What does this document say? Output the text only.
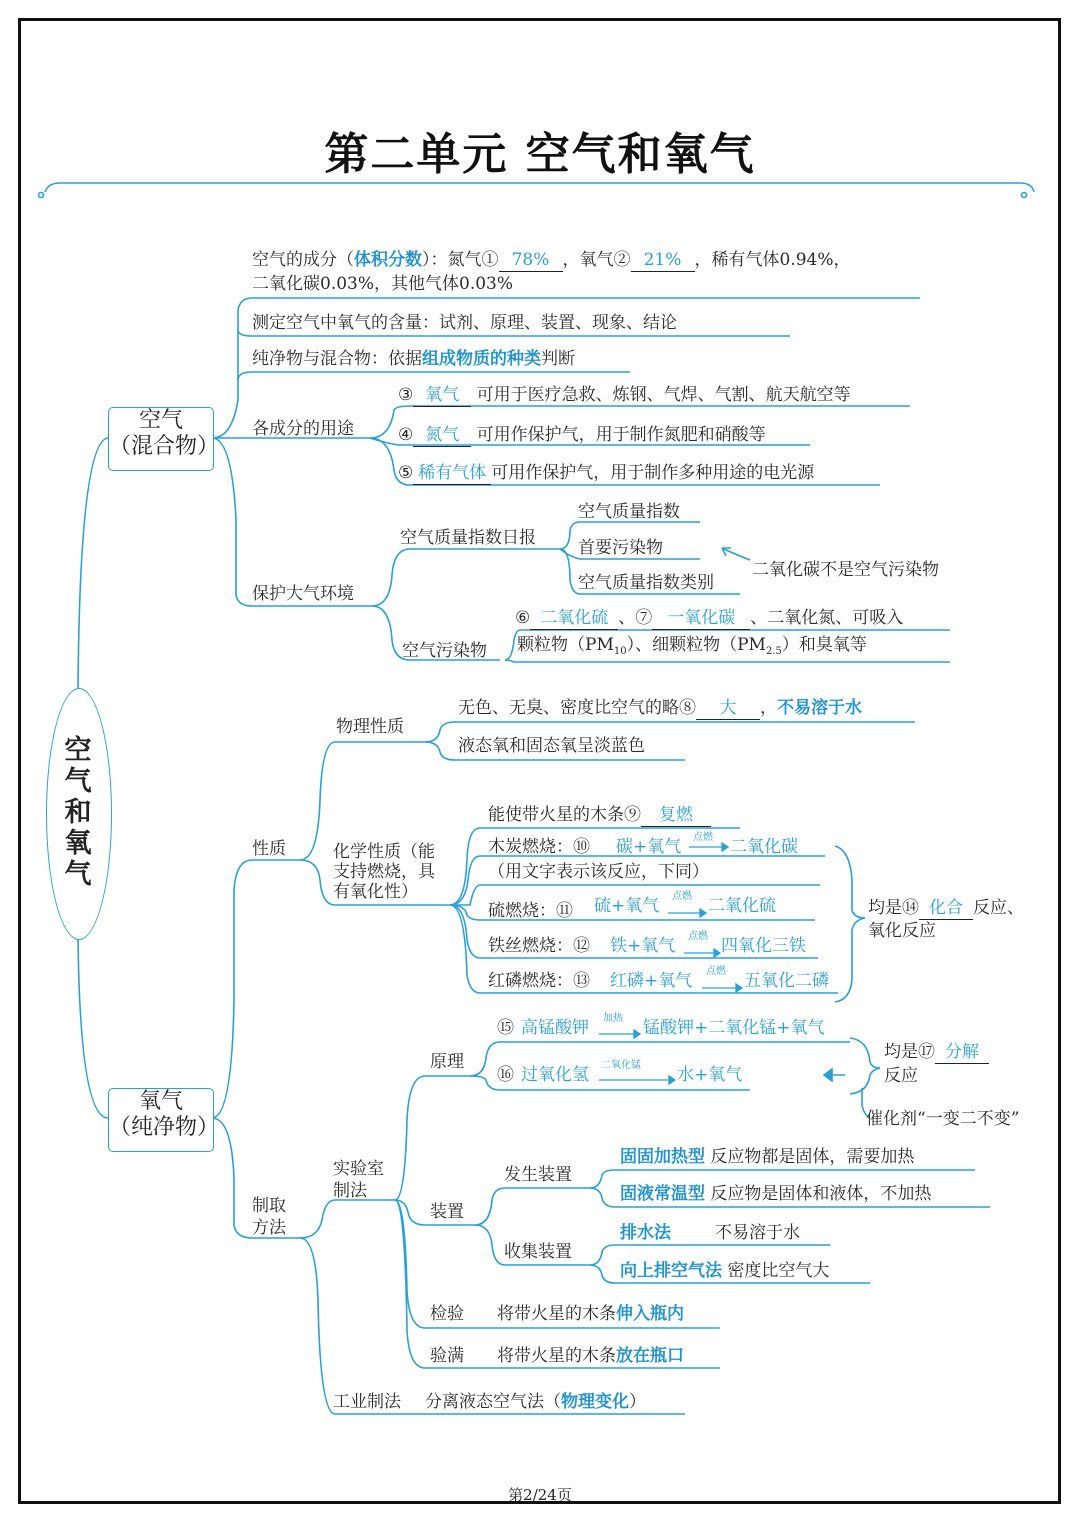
第二单元 空气和氧气
空气和氧气
空气
（混合物）
氧气
（纯净物）
空气的成分（体积分数）：氮气① 78% ，氧气② 21% ，稀有气体0.94%，
二氧化碳0.03%，其他气体0.03%
测定空气中氧气的含量：试剂、原理、装置、现象、结论
纯净物与混合物：依据组成物质的种类判断
各成分的用途
③ 氧气 可用于医疗急救、炼钢、气焊、气割、航天航空等
④ 氮气 可用作保护气，用于制作氮肥和硝酸等
⑤ 稀有气体 可用作保护气，用于制作多种用途的电光源
保护大气环境
空气质量指数日报
空气质量指数
首要污染物
空气质量指数类别
二氧化碳不是空气污染物
空气污染物
⑥ 二氧化硫 、⑦ 一氧化碳 、二氧化氮、可吸入
颗粒物$(PM_{10})$、细颗粒物$(PM_{2.5})$和臭氧等
性质
物理性质
无色、无臭、密度比空气的略⑧ 大 ，不易溶于水
液态氧和固态氧呈淡蓝色
化学性质（能
支持燃烧，具
有氧化性）
能使带火星的木条⑨ 复燃
木炭燃烧：⑩ 碳+氧气 点燃 二氧化碳
（用文字表示该反应，下同）
硫燃烧：⑪ 硫+氧气 点燃 二氧化硫
铁丝燃烧：⑫ 铁+氧气 点燃 四氧化三铁
红磷燃烧：⑬ 红磷+氧气 点燃 五氧化二磷
均是⑭ 化合 反应、
氧化反应
制取
方法
实验室
制法
原理
⑮ 高锰酸钾 加热 锰酸钾+二氧化锰+氧气
⑯ 过氧化氢 二氧化锰 水+氧气
均是⑰ 分解
反应
催化剂“一变二不变”
装置
发生装置
固固加热型 反应物都是固体，需要加热
固液常温型 反应物是固体和液体，不加热
收集装置
排水法	不易溶于水
向上排空气法 密度比空气大
检验 将带火星的木条伸入瓶内
验满 将带火星的木条放在瓶口
工业制法 分离液态空气法（物理变化）
第2/24页
